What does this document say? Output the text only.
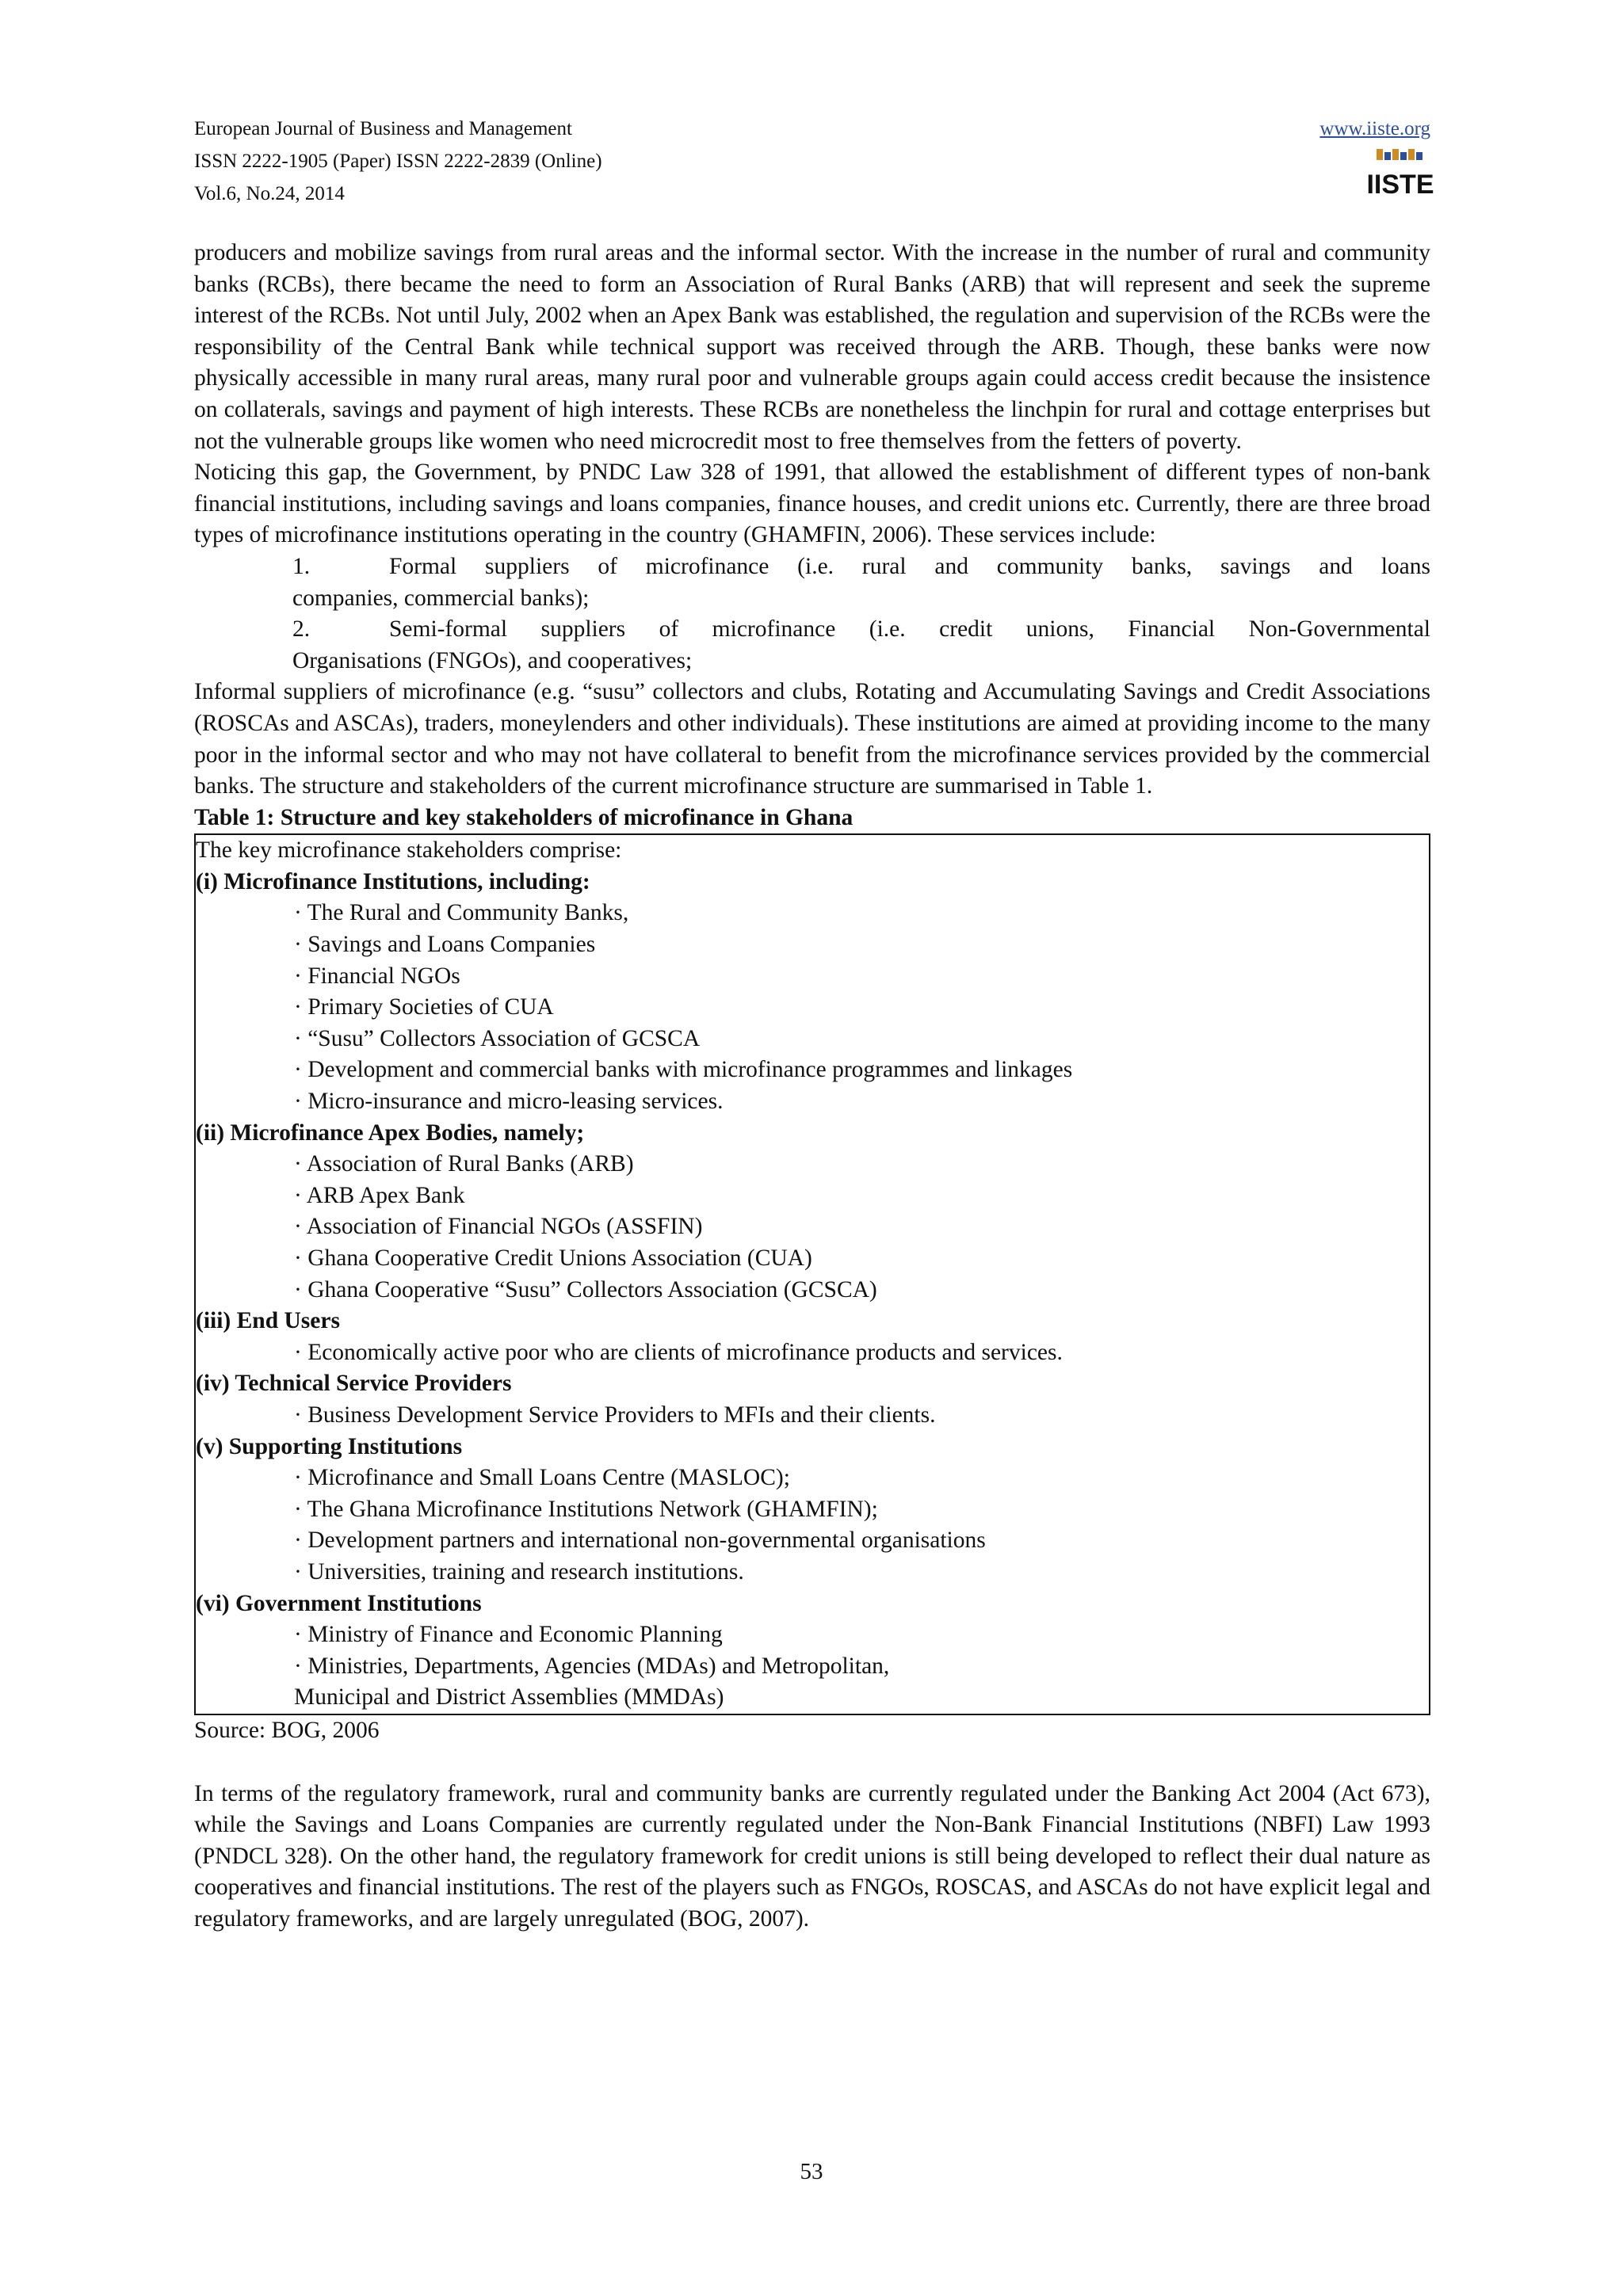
European Journal of Business and Management
ISSN 2222-1905 (Paper) ISSN 2222-2839 (Online)
Vol.6, No.24, 2014
www.iiste.org
IISTE

producers and mobilize savings from rural areas and the informal sector. With the increase in the number of rural and community banks (RCBs), there became the need to form an Association of Rural Banks (ARB) that will represent and seek the supreme interest of the RCBs. Not until July, 2002 when an Apex Bank was established, the regulation and supervision of the RCBs were the responsibility of the Central Bank while technical support was received through the ARB. Though, these banks were now physically accessible in many rural areas, many rural poor and vulnerable groups again could access credit because the insistence on collaterals, savings and payment of high interests. These RCBs are nonetheless the linchpin for rural and cottage enterprises but not the vulnerable groups like women who need microcredit most to free themselves from the fetters of poverty.

Noticing this gap, the Government, by PNDC Law 328 of 1991, that allowed the establishment of different types of non-bank financial institutions, including savings and loans companies, finance houses, and credit unions etc. Currently, there are three broad types of microfinance institutions operating in the country (GHAMFIN, 2006). These services include:

1.	Formal suppliers of microfinance (i.e. rural and community banks, savings and loans
companies, commercial banks);
2.	Semi-formal suppliers of microfinance (i.e. credit unions, Financial Non-Governmental
Organisations (FNGOs), and cooperatives;

Informal suppliers of microfinance (e.g. “susu” collectors and clubs, Rotating and Accumulating Savings and Credit Associations (ROSCAs and ASCAs), traders, moneylenders and other individuals). These institutions are aimed at providing income to the many poor in the informal sector and who may not have collateral to benefit from the microfinance services provided by the commercial banks. The structure and stakeholders of the current microfinance structure are summarised in Table 1.

Table 1: Structure and key stakeholders of microfinance in Ghana

The key microfinance stakeholders comprise:
(i) Microfinance Institutions, including:
· The Rural and Community Banks,
· Savings and Loans Companies
· Financial NGOs
· Primary Societies of CUA
· “Susu” Collectors Association of GCSCA
· Development and commercial banks with microfinance programmes and linkages
· Micro-insurance and micro-leasing services.
(ii) Microfinance Apex Bodies, namely;
· Association of Rural Banks (ARB)
· ARB Apex Bank
· Association of Financial NGOs (ASSFIN)
· Ghana Cooperative Credit Unions Association (CUA)
· Ghana Cooperative “Susu” Collectors Association (GCSCA)
(iii) End Users
· Economically active poor who are clients of microfinance products and services.
(iv) Technical Service Providers
· Business Development Service Providers to MFIs and their clients.
(v) Supporting Institutions
· Microfinance and Small Loans Centre (MASLOC);
· The Ghana Microfinance Institutions Network (GHAMFIN);
· Development partners and international non-governmental organisations
· Universities, training and research institutions.
(vi) Government Institutions
· Ministry of Finance and Economic Planning
· Ministries, Departments, Agencies (MDAs) and Metropolitan,
Municipal and District Assemblies (MMDAs)

Source: BOG, 2006

In terms of the regulatory framework, rural and community banks are currently regulated under the Banking Act 2004 (Act 673), while the Savings and Loans Companies are currently regulated under the Non-Bank Financial Institutions (NBFI) Law 1993 (PNDCL 328). On the other hand, the regulatory framework for credit unions is still being developed to reflect their dual nature as cooperatives and financial institutions. The rest of the players such as FNGOs, ROSCAS, and ASCAs do not have explicit legal and regulatory frameworks, and are largely unregulated (BOG, 2007).

53
